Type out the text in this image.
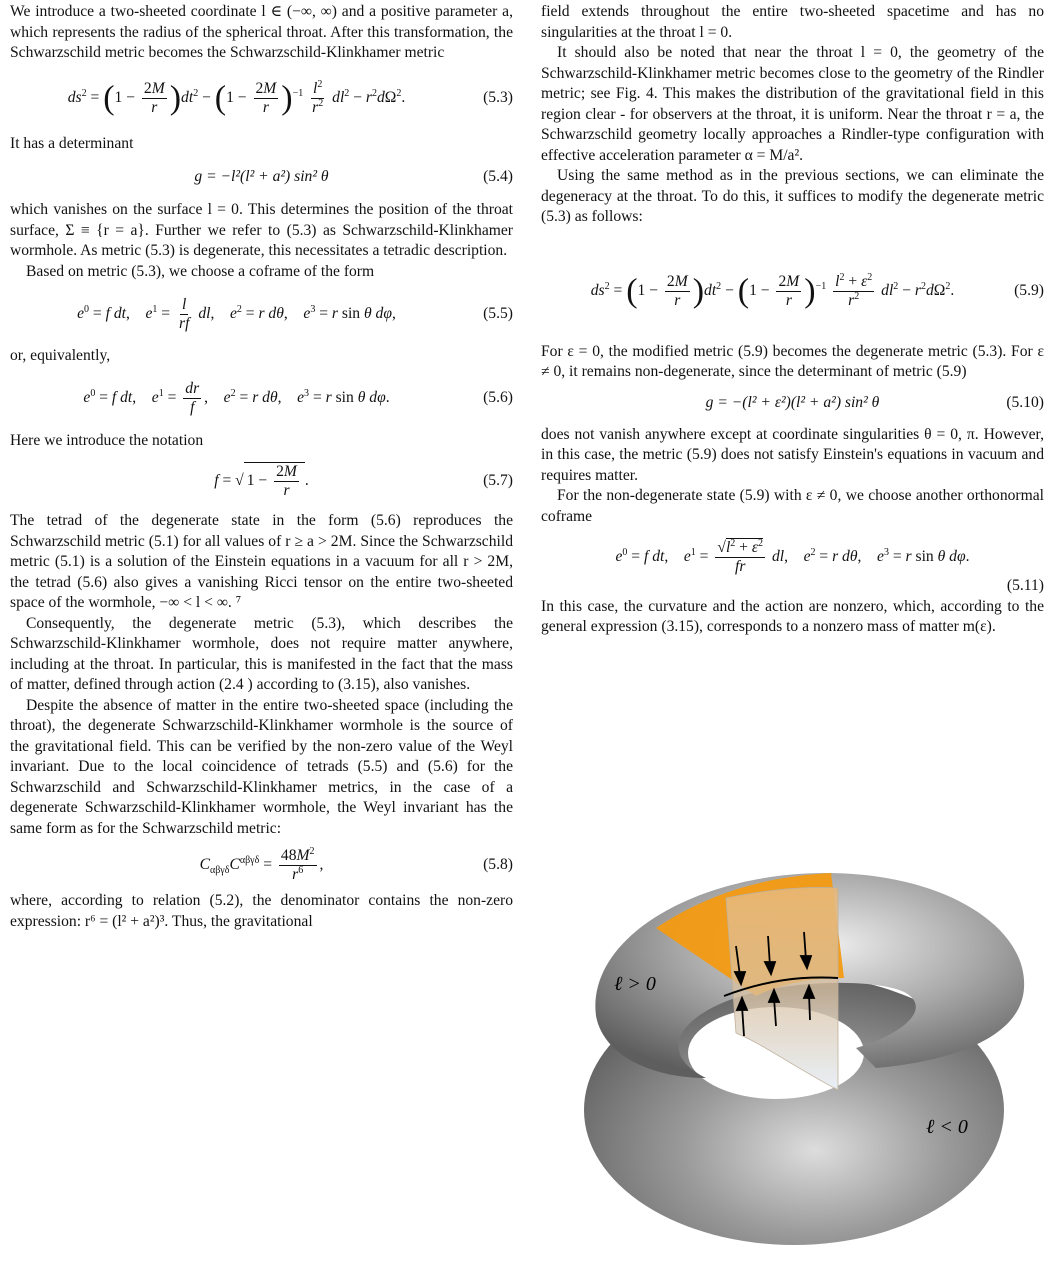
We introduce a two-sheeted coordinate l ∈ (−∞, ∞) and a positive parameter a, which represents the radius of the spherical throat. After this transformation, the Schwarzschild metric becomes the Schwarzschild-Klinkhamer metric

$ds^2 = (1 - \frac{2M}{r} )dt^2 - (1 - \frac{2M}{r} )^{-1} \frac{l^2}{r^2} dl^2 - r^2d\Omega^2$.	(5.3)

It has a determinant

g = −l²(l² + a²) sin² θ	(5.4)

which vanishes on the surface l = 0. This determines the position of the throat surface, Σ ≡ {r = a}. Further we refer to (5.3) as Schwarzschild-Klinkhamer wormhole. As metric (5.3) is degenerate, this necessitates a tetradic description.

Based on metric (5.3), we choose a coframe of the form

$e^0 = f$ dt,    $e^1 = \frac{l}{rf}$ dl,    $e^2 = r$ dθ,    $e^3 = r$ sin θ dφ,	(5.5)

or, equivalently,

$e^0 = f$ dt,    $e^1 = \frac{dr}{f}$ ,    $e^2 = r$ dθ,    $e^3 = r$ sin θ dφ.	(5.6)

Here we introduce the notation

f = √ $1 - \frac{2M}{r}$ .	(5.7)

The tetrad of the degenerate state in the form (5.6) reproduces the Schwarzschild metric (5.1) for all values of r ≥ a > 2M. Since the Schwarzschild metric (5.1) is a solution of the Einstein equations in a vacuum for all r > 2M, the tetrad (5.6) also gives a vanishing Ricci tensor on the entire two-sheeted space of the wormhole, −∞ < l < ∞. ⁷

Consequently, the degenerate metric (5.3), which describes the Schwarzschild-Klinkhamer wormhole, does not require matter anywhere, including at the throat. In particular, this is manifested in the fact that the mass of matter, defined through action (2.4 ) according to (3.15), also vanishes.

Despite the absence of matter in the entire two-sheeted space (including the throat), the degenerate Schwarzschild-Klinkhamer wormhole is the source of the gravitational field. This can be verified by the non-zero value of the Weyl invariant. Due to the local coincidence of tetrads (5.5) and (5.6) for the Schwarzschild and Schwarzschild-Klinkhamer metrics, in the case of a degenerate Schwarzschild-Klinkhamer wormhole, the Weyl invariant has the same form as for the Schwarzschild metric:

$C_{\alpha\beta\gamma\delta}C^{\alpha\beta\gamma\delta} = \frac{48M^2}{r^6}$ ,	(5.8)

where, according to relation (5.2), the denominator contains the non-zero expression: r⁶ = (l² + a²)³. Thus, the gravitational

field extends throughout the entire two-sheeted spacetime and has no singularities at the throat l = 0.

It should also be noted that near the throat l = 0, the geometry of the Schwarzschild-Klinkhamer metric becomes close to the geometry of the Rindler metric; see Fig. 4. This makes the distribution of the gravitational field in this region clear - for observers at the throat, it is uniform. Near the throat r = a, the Schwarzschild geometry locally approaches a Rindler-type configuration with effective acceleration parameter α = M/a².

Using the same method as in the previous sections, we can eliminate the degeneracy at the throat. To do this, it suffices to modify the degenerate metric (5.3) as follows:

$ds^2 = (1 - \frac{2M}{r} )dt^2 - (1 - \frac{2M}{r} )^{-1} \frac{l^2 + \varepsilon^2}{r^2} dl^2 - r^2d\Omega^2$.	(5.9)

For ε = 0, the modified metric (5.9) becomes the degenerate metric (5.3). For ε ≠ 0, it remains non-degenerate, since the determinant of metric (5.9)

g = −(l² + ε²)(l² + a²) sin² θ	(5.10)

does not vanish anywhere except at coordinate singularities θ = 0, π. However, in this case, the metric (5.9) does not satisfy Einstein's equations in vacuum and requires matter.

For the non-degenerate state (5.9) with ε ≠ 0, we choose another orthonormal coframe

$e^0 = f$ dt,    $e^1 = \frac{√l^2 + \varepsilon^2}{fr}$ dl,    $e^2 = r$ dθ,    $e^3 = r$ sin θ dφ.
(5.11)

In this case, the curvature and the action are nonzero, which, according to the general expression (3.15), corresponds to a nonzero mass of matter m(ε).

ℓ > 0
ℓ < 0
